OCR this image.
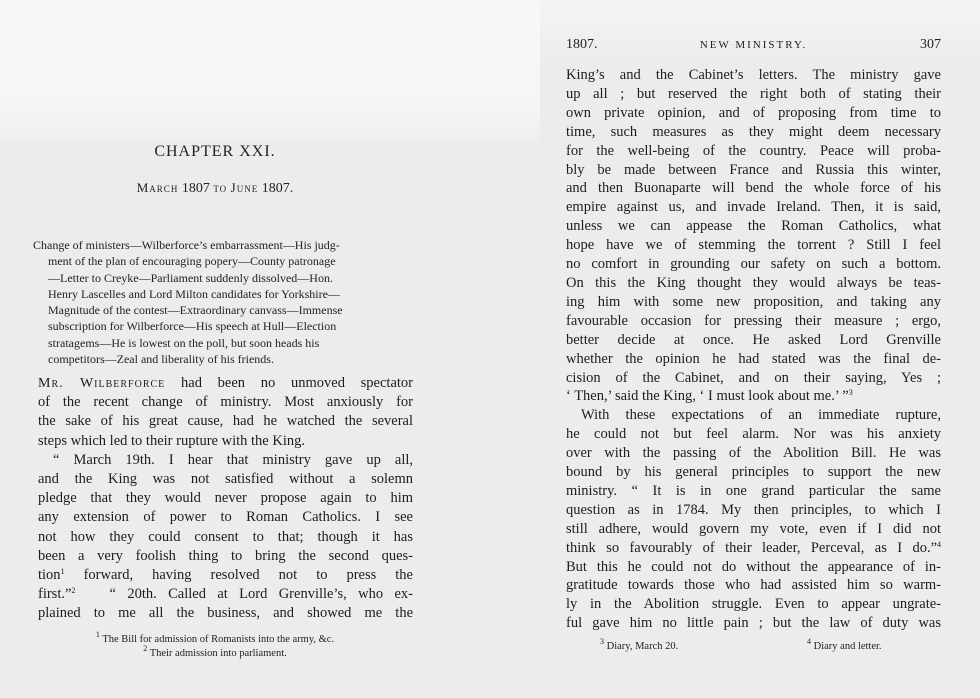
CHAPTER XXI.
March 1807 to June 1807.
Change of ministers—Wilberforce’s embarrassment—His judg-
ment of the plan of encouraging popery—County patronage
—Letter to Creyke—Parliament suddenly dissolved—Hon.
Henry Lascelles and Lord Milton candidates for Yorkshire—
Magnitude of the contest—Extraordinary canvass—Immense
subscription for Wilberforce—His speech at Hull—Election
stratagems—He is lowest on the poll, but soon heads his
competitors—Zeal and liberality of his friends.
Mr. Wilberforce had been no unmoved spectator
of the recent change of ministry. Most anxiously for
the sake of his great cause, had he watched the several
steps which led to their rupture with the King.
“ March 19th. I hear that ministry gave up all,
and the King was not satisfied without a solemn
pledge that they would never propose again to him
any extension of power to Roman Catholics. I see
not how they could consent to that; though it has
been a very foolish thing to bring the second ques-
tion$^1$ forward, having resolved not to press the
first.”$^2$ “ 20th. Called at Lord Grenville’s, who ex-
plained to me all the business, and showed me the
$^1$ The Bill for admission of Romanists into the army, &c.
$^2$ Their admission into parliament.
1807.	NEW MINISTRY.	307
King’s and the Cabinet’s letters. The ministry gave
up all ; but reserved the right both of stating their
own private opinion, and of proposing from time to
time, such measures as they might deem necessary
for the well-being of the country. Peace will proba-
bly be made between France and Russia this winter,
and then Buonaparte will bend the whole force of his
empire against us, and invade Ireland. Then, it is said,
unless we can appease the Roman Catholics, what
hope have we of stemming the torrent ? Still I feel
no comfort in grounding our safety on such a bottom.
On this the King thought they would always be teas-
ing him with some new proposition, and taking any
favourable occasion for pressing their measure ; ergo,
better decide at once. He asked Lord Grenville
whether the opinion he had stated was the final de-
cision of the Cabinet, and on their saying, Yes ;
‘ Then,’ said the King, ‘ I must look about me.’ ”$^3$
With these expectations of an immediate rupture,
he could not but feel alarm. Nor was his anxiety
over with the passing of the Abolition Bill. He was
bound by his general principles to support the new
ministry. “ It is in one grand particular the same
question as in 1784. My then principles, to which I
still adhere, would govern my vote, even if I did not
think so favourably of their leader, Perceval, as I do.”$^4$
But this he could not do without the appearance of in-
gratitude towards those who had assisted him so warm-
ly in the Abolition struggle. Even to appear ungrate-
ful gave him no little pain ; but the law of duty was
$^3$ Diary, March 20.	$^4$ Diary and letter.
